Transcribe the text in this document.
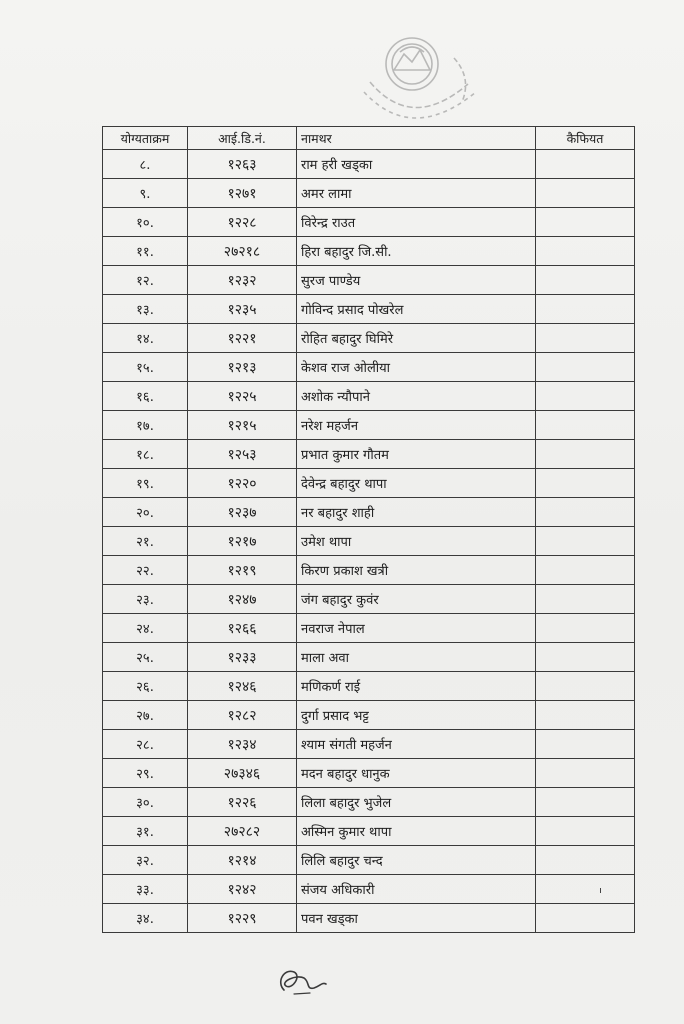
योग्यताक्रम	आई.डि.नं.	नामथर	कैफियत
८.	१२६३	राम हरी खड्का	
९.	१२७१	अमर लामा	
१०.	१२२८	विरेन्द्र राउत	
११.	२७२१८	हिरा बहादुर जि.सी.	
१२.	१२३२	सुरज पाण्डेय	
१३.	१२३५	गोविन्द प्रसाद पोखरेल	
१४.	१२२१	रोहित बहादुर घिमिरे	
१५.	१२१३	केशव राज ओलीया	
१६.	१२२५	अशोक न्यौपाने	
१७.	१२१५	नरेश महर्जन	
१८.	१२५३	प्रभात कुमार गौतम	
१९.	१२२०	देवेन्द्र बहादुर थापा	
२०.	१२३७	नर बहादुर शाही	
२१.	१२१७	उमेश थापा	
२२.	१२१९	किरण प्रकाश खत्री	
२३.	१२४७	जंग बहादुर कुवंर	
२४.	१२६६	नवराज नेपाल	
२५.	१२३३	माला अवा	
२६.	१२४६	मणिकर्ण राई	
२७.	१२८२	दुर्गा प्रसाद भट्ट	
२८.	१२३४	श्याम संगती महर्जन	
२९.	२७३४६	मदन बहादुर धानुक	
३०.	१२२६	लिला बहादुर भुजेल	
३१.	२७२८२	अस्मिन कुमार थापा	
३२.	१२१४	लिलि बहादुर चन्द	
३३.	१२४२	संजय अधिकारी	
३४.	१२२९	पवन खड्का	
